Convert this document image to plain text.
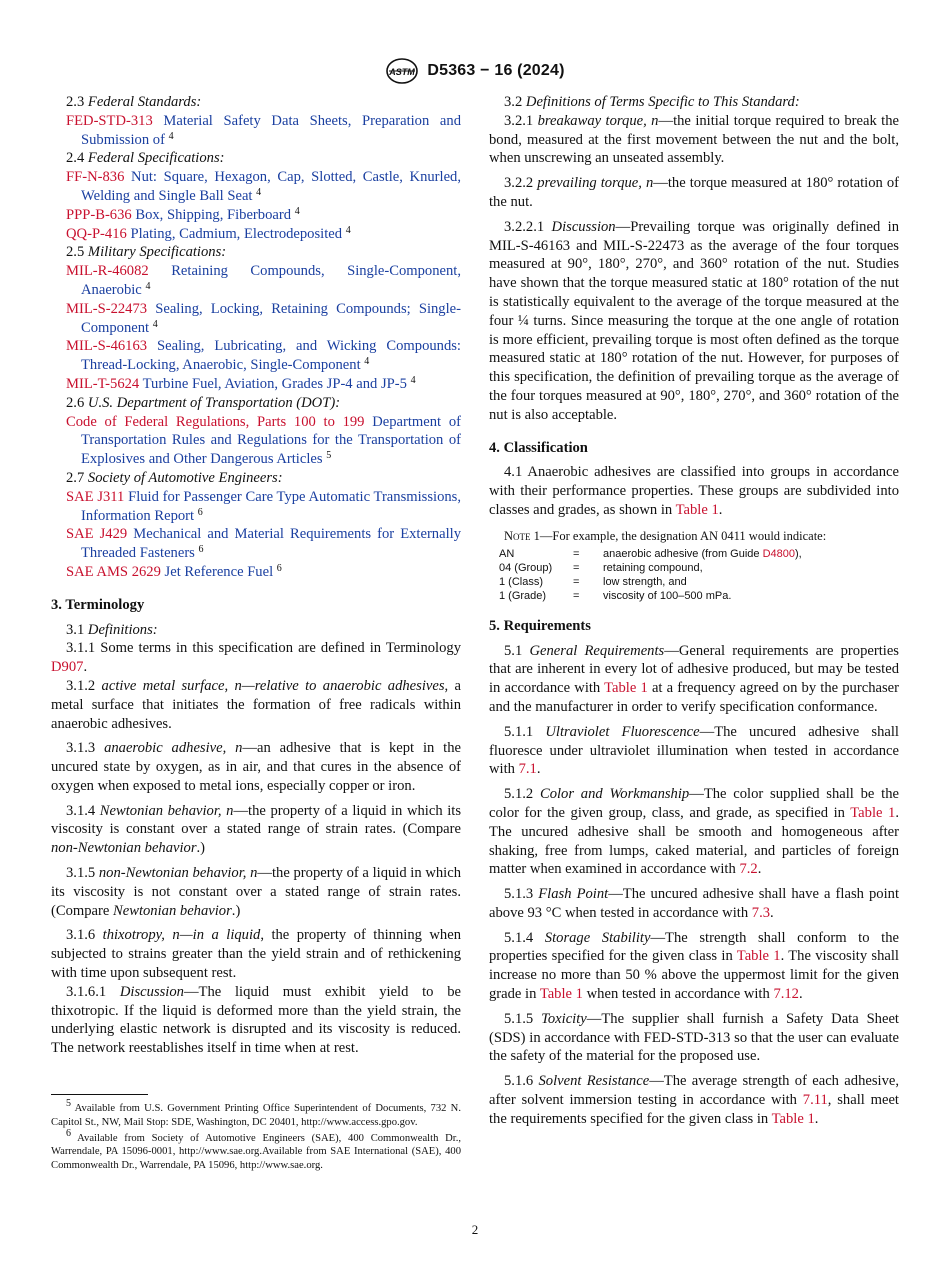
ASTM D5363 − 16 (2024)

2.3 Federal Standards:

FED-STD-313 Material Safety Data Sheets, Preparation and Submission of $^4$

2.4 Federal Specifications:

FF-N-836 Nut: Square, Hexagon, Cap, Slotted, Castle, Knurled, Welding and Single Ball Seat $^4$

PPP-B-636 Box, Shipping, Fiberboard $^4$

QQ-P-416 Plating, Cadmium, Electrodeposited $^4$

2.5 Military Specifications:

MIL-R-46082 Retaining Compounds, Single-Component, Anaerobic $^4$

MIL-S-22473 Sealing, Locking, Retaining Compounds; Single-Component $^4$

MIL-S-46163 Sealing, Lubricating, and Wicking Compounds: Thread-Locking, Anaerobic, Single-Component $^4$

MIL-T-5624 Turbine Fuel, Aviation, Grades JP-4 and JP-5 $^4$

2.6 U.S. Department of Transportation (DOT):

Code of Federal Regulations, Parts 100 to 199 Department of Transportation Rules and Regulations for the Transportation of Explosives and Other Dangerous Articles $^5$

2.7 Society of Automotive Engineers:

SAE J311 Fluid for Passenger Care Type Automatic Transmissions, Information Report $^6$

SAE J429 Mechanical and Material Requirements for Externally Threaded Fasteners $^6$

SAE AMS 2629 Jet Reference Fuel $^6$

3. Terminology

3.1 Definitions:

3.1.1 Some terms in this specification are defined in Terminology D907.

3.1.2 active metal surface, n—relative to anaerobic adhesives, a metal surface that initiates the formation of free radicals within anaerobic adhesives.

3.1.3 anaerobic adhesive, n—an adhesive that is kept in the uncured state by oxygen, as in air, and that cures in the absence of oxygen when exposed to metal ions, especially copper or iron.

3.1.4 Newtonian behavior, n—the property of a liquid in which its viscosity is constant over a stated range of strain rates. (Compare non-Newtonian behavior.)

3.1.5 non-Newtonian behavior, n—the property of a liquid in which its viscosity is not constant over a stated range of strain rates. (Compare Newtonian behavior.)

3.1.6 thixotropy, n—in a liquid, the property of thinning when subjected to strains greater than the yield strain and of rethickening with time upon subsequent rest.

3.1.6.1 Discussion—The liquid must exhibit yield to be thixotropic. If the liquid is deformed more than the yield strain, the underlying elastic network is disrupted and its viscosity is reduced. The network reestablishes itself in time when at rest.

$^5$ Available from U.S. Government Printing Office Superintendent of Documents, 732 N. Capitol St., NW, Mail Stop: SDE, Washington, DC 20401, http://www.access.gpo.gov.

$^6$ Available from Society of Automotive Engineers (SAE), 400 Commonwealth Dr., Warrendale, PA 15096-0001, http://www.sae.org.Available from SAE International (SAE), 400 Commonwealth Dr., Warrendale, PA 15096, http://www.sae.org.

3.2 Definitions of Terms Specific to This Standard:

3.2.1 breakaway torque, n—the initial torque required to break the bond, measured at the first movement between the nut and the bolt, when unscrewing an unseated assembly.

3.2.2 prevailing torque, n—the torque measured at 180° rotation of the nut.

3.2.2.1 Discussion—Prevailing torque was originally defined in MIL-S-46163 and MIL-S-22473 as the average of the four torques measured at 90°, 180°, 270°, and 360° rotation of the nut. Studies have shown that the torque measured static at 180° rotation of the nut is statistically equivalent to the average of the torque measured at the four ¼ turns. Since measuring the torque at the one angle of rotation is more efficient, prevailing torque is most often defined as the torque measured static at 180° rotation of the nut. However, for purposes of this specification, the definition of prevailing torque as the average of the four torques measured at 90°, 180°, 270°, and 360° rotation of the nut is also acceptable.

4. Classification

4.1 Anaerobic adhesives are classified into groups in accordance with their performance properties. These groups are subdivided into classes and grades, as shown in Table 1.

Note 1—For example, the designation AN 0411 would indicate:

AN	=	anaerobic adhesive (from Guide D4800),
04 (Group)	=	retaining compound,
1 (Class)	=	low strength, and
1 (Grade)	=	viscosity of 100–500 mPa.
5. Requirements

5.1 General Requirements—General requirements are properties that are inherent in every lot of adhesive produced, but may be tested in accordance with Table 1 at a frequency agreed on by the purchaser and the manufacturer in order to verify specification conformance.

5.1.1 Ultraviolet Fluorescence—The uncured adhesive shall fluoresce under ultraviolet illumination when tested in accordance with 7.1.

5.1.2 Color and Workmanship—The color supplied shall be the color for the given group, class, and grade, as specified in Table 1. The uncured adhesive shall be smooth and homogeneous after shaking, free from lumps, caked material, and particles of foreign matter when examined in accordance with 7.2.

5.1.3 Flash Point—The uncured adhesive shall have a flash point above 93 °C when tested in accordance with 7.3.

5.1.4 Storage Stability—The strength shall conform to the properties specified for the given class in Table 1. The viscosity shall increase no more than 50 % above the uppermost limit for the given grade in Table 1 when tested in accordance with 7.12.

5.1.5 Toxicity—The supplier shall furnish a Safety Data Sheet (SDS) in accordance with FED-STD-313 so that the user can evaluate the safety of the material for the proposed use.

5.1.6 Solvent Resistance—The average strength of each adhesive, after solvent immersion testing in accordance with 7.11, shall meet the requirements specified for the given class in Table 1.

2
